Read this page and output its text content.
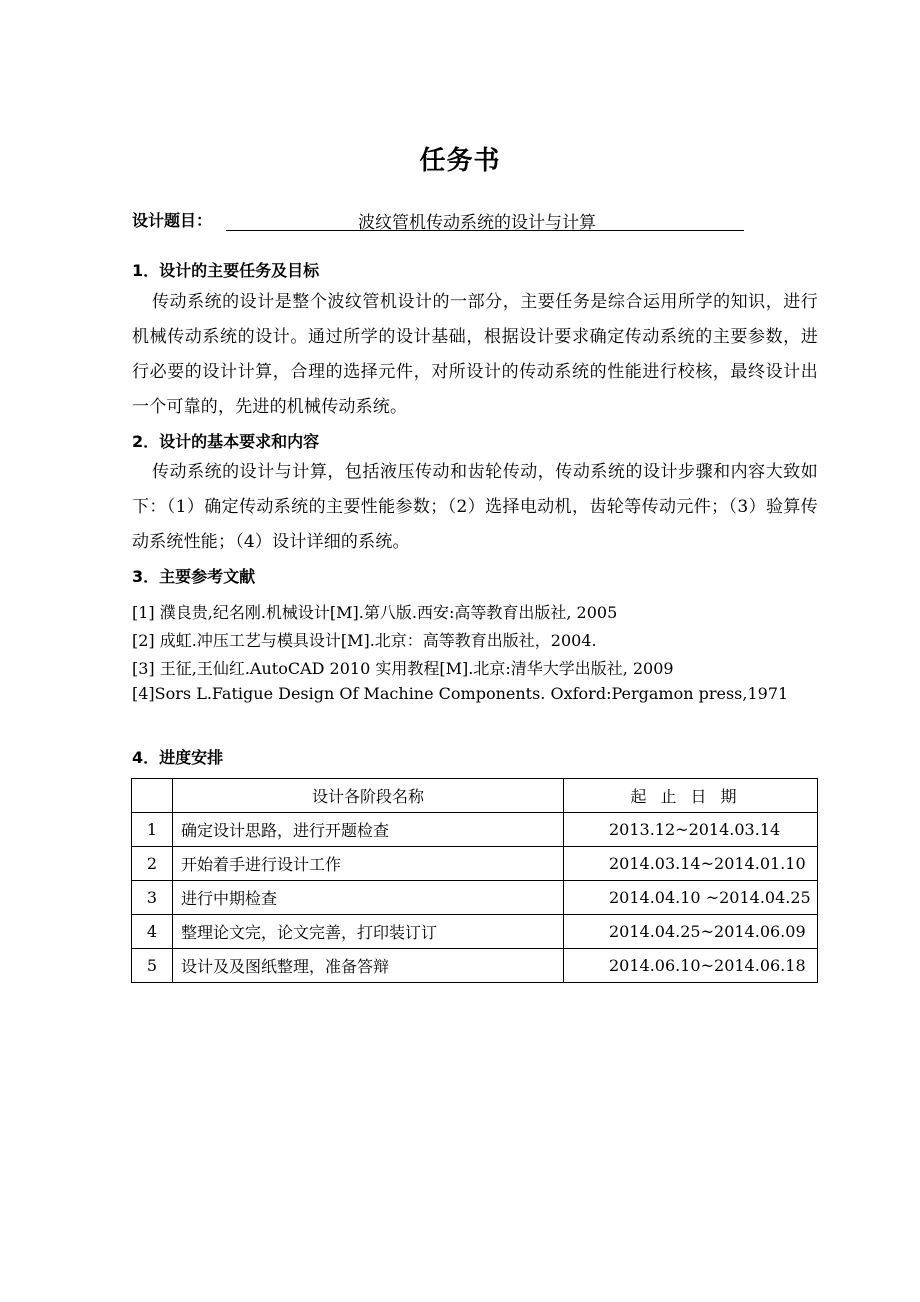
任务书
设计题目：	波纹管机传动系统的设计与计算
1．设计的主要任务及目标
传动系统的设计是整个波纹管机设计的一部分，主要任务是综合运用所学的知识，进行机械传动系统的设计。通过所学的设计基础，根据设计要求确定传动系统的主要参数，进行必要的设计计算，合理的选择元件，对所设计的传动系统的性能进行校核，最终设计出一个可靠的，先进的机械传动系统。
2．设计的基本要求和内容
传动系统的设计与计算，包括液压传动和齿轮传动，传动系统的设计步骤和内容大致如下：（1）确定传动系统的主要性能参数；（2）选择电动机，齿轮等传动元件；（3）验算传动系统性能；（4）设计详细的系统。
3．主要参考文献
[1] 濮良贵,纪名刚.机械设计[M].第八版.西安:高等教育出版社, 2005
[2] 成虹.冲压工艺与模具设计[M].北京：高等教育出版社，2004.
[3] 王征,王仙红.AutoCAD 2010 实用教程[M].北京:清华大学出版社, 2009
[4]Sors L.Fatigue Design Of Machine Components. Oxford:Pergamon press,1971
4．进度安排
	设计各阶段名称	起止日期
1	确定设计思路，进行开题检查	2013.12~2014.03.14
2	开始着手进行设计工作	2014.03.14~2014.01.10
3	进行中期检查	2014.04.10 ~2014.04.25
4	整理论文完，论文完善，打印装订订	2014.04.25~2014.06.09
5	设计及及图纸整理，准备答辩	2014.06.10~2014.06.18
